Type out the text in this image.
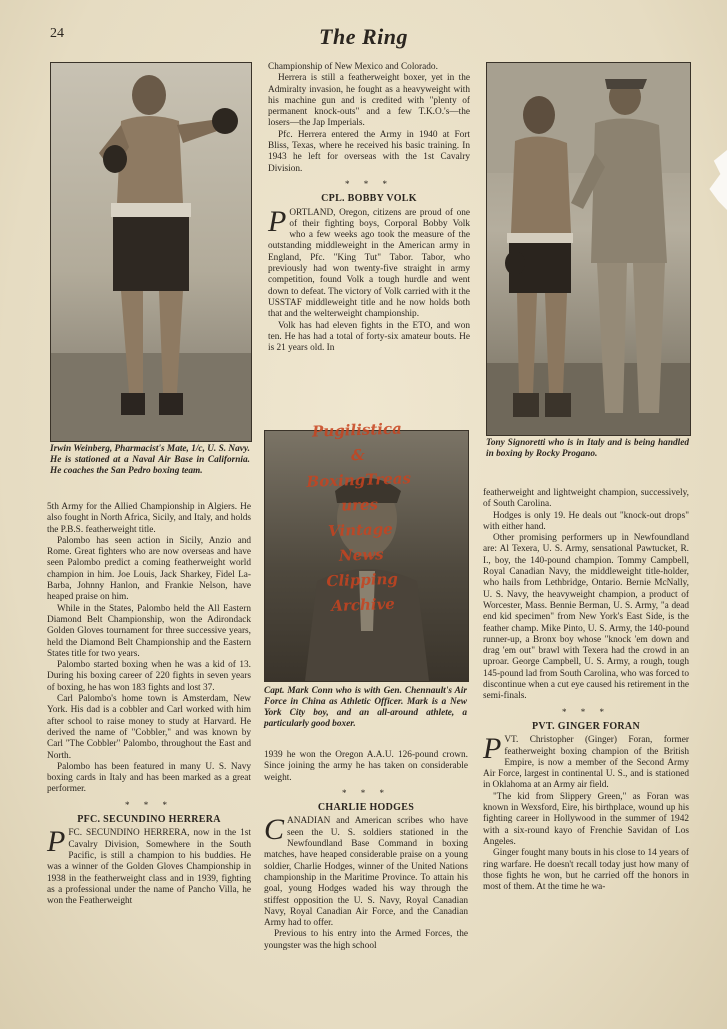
24	The Ring
Irwin Weinberg, Pharmacist's Mate, 1/c, U. S. Navy. He is stationed at a Naval Air Base in California. He coaches the San Pedro boxing team.
Tony Signoretti who is in Italy and is being handled in boxing by Rocky Progano.
Capt. Mark Conn who is with Gen. Chennault's Air Force in China as Athletic Officer. Mark is a New York City boy, and an all-around athlete, a particularly good boxer.
Pugilistica
&
BoxingTreas
ures
Vintage
News
Clipping
Archive

5th Army for the Allied Championship in Algiers. He also fought in North Africa, Sicily, and Italy, and holds the P.B.S. featherweight title.

Palombo has seen action in Sicily, Anzio and Rome. Great fighters who are now overseas and have seen Palombo predict a coming featherweight world champion in him. Joe Louis, Jack Sharkey, Fidel La-Barba, Johnny Hanlon, and Frankie Nelson, have heaped praise on him.

While in the States, Palombo held the All Eastern Diamond Belt Championship, won the Adirondack Golden Gloves tournament for three successive years, held the Diamond Belt Championship and the Eastern States title for two years.

Palombo started boxing when he was a kid of 13. During his boxing career of 220 fights in seven years of boxing, he has won 183 fights and lost 37.

Carl Palombo's home town is Amsterdam, New York. His dad is a cobbler and Carl worked with him after school to raise money to study at Harvard. He derived the name of "Cobbler," and was known by Carl "The Cobbler" Palombo, throughout the East and North.

Palombo has been featured in many U. S. Navy boxing cards in Italy and has been marked as a great performer.

* * *
PFC. SECUNDINO HERRERA

PFC. SECUNDINO HERRERA, now in the 1st Cavalry Division, Somewhere in the South Pacific, is still a champion to his buddies. He was a winner of the Golden Gloves Championship in 1938 in the featherweight class and in 1939, fighting as a professional under the name of Pancho Villa, he won the Featherweight

Championship of New Mexico and Colorado.

Herrera is still a featherweight boxer, yet in the Admiralty invasion, he fought as a heavyweight with his machine gun and is credited with "plenty of permanent knock-outs" and a few T.K.O.'s—the losers—the Jap Imperials.

Pfc. Herrera entered the Army in 1940 at Fort Bliss, Texas, where he received his basic training. In 1943 he left for overseas with the 1st Cavalry Division.

* * *
CPL. BOBBY VOLK

PORTLAND, Oregon, citizens are proud of one of their fighting boys, Corporal Bobby Volk who a few weeks ago took the measure of the outstanding middleweight in the American army in England, Pfc. "King Tut" Tabor. Tabor, who previously had won twenty-five straight in army competition, found Volk a tough hurdle and went down to defeat. The victory of Volk carried with it the USSTAF middleweight title and he now holds both that and the welterweight championship.

Volk has had eleven fights in the ETO, and won ten. He has had a total of forty-six amateur bouts. He is 21 years old. In

1939 he won the Oregon A.A.U. 126-pound crown. Since joining the army he has taken on considerable weight.

* * *
CHARLIE HODGES

CANADIAN and American scribes who have seen the U. S. soldiers stationed in the Newfoundland Base Command in boxing matches, have heaped considerable praise on a young soldier, Charlie Hodges, winner of the United Nations championship in the Maritime Province. To attain his goal, young Hodges waded his way through the stiffest opposition the U. S. Navy, Royal Canadian Navy, Royal Canadian Air Force, and the Canadian Army had to offer.

Previous to his entry into the Armed Forces, the youngster was the high school

featherweight and lightweight champion, successively, of South Carolina.

Hodges is only 19. He deals out "knock-out drops" with either hand.

Other promising performers up in Newfoundland are: Al Texera, U. S. Army, sensational Pawtucket, R. I., boy, the 140-pound champion. Tommy Campbell, Royal Canadian Navy, the middleweight title-holder, who hails from Lethbridge, Ontario. Bernie McNally, U. S. Navy, the heavyweight champion, a product of Worcester, Mass. Bennie Berman, U. S. Army, "a dead end kid specimen" from New York's East Side, is the feather champ. Mike Pinto, U. S. Army, the 140-pound runner-up, a Bronx boy whose "knock 'em down and drag 'em out" brawl with Texera had the crowd in an uproar. George Campbell, U. S. Army, a rough, tough 145-pound lad from South Carolina, who was forced to discontinue when a cut eye caused his retirement in the semi-finals.

* * *
PVT. GINGER FORAN

PVT. Christopher (Ginger) Foran, former featherweight boxing champion of the British Empire, is now a member of the Second Army Air Force, largest in continental U. S., and is stationed in Oklahoma at an Army air field.

"The kid from Slippery Green," as Foran was known in Wexsford, Eire, his birthplace, wound up his fighting career in Hollywood in the summer of 1942 with a six-round kayo of Frenchie Savidan of Los Angeles.

Ginger fought many bouts in his close to 14 years of ring warfare. He doesn't recall today just how many of those fights he won, but he carried off the honors in most of them. At the time he wa-
